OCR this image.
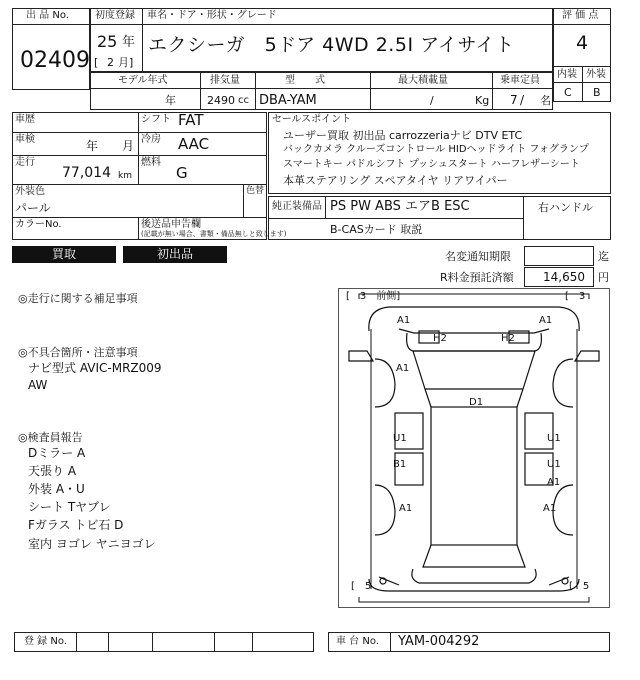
出 品 No.
02409
初度登録 車名・ドア・形状・グレード
25 年
[ 2 月]
エクシーガ　5ドア 4WD 2.5I アイサイト
評 価 点
4
内装 外装
C B
モデル年式	排気量	型　　式	最大積載量	乗車定員
年	2490 cc DBA-YAM	/	Kg 7 / 名
車歴
車検	年 月
走行
77,014 km
シフト FAT
冷房 AAC
燃料
G
外装色
パール
色替
カラーNo.	後送品申告欄
(記載が無い場合、書類・備品無しと致します)
セールスポイント
ユーザー買取 初出品 carrozzeriaナビ DTV ETC
バックカメラ クルーズコントロール HIDヘッドライト フォグランプ
スマートキー パドルシフト プッシュスタート ハーフレザーシート
本革ステアリング スペアタイヤ リアワイパー
純正装備品 PS PW ABS エアB ESC	右ハンドル
B-CASカード 取説
買取	初出品	名変通知期限	迄
R料金預託済額 14,650 円
◎走行に関する補足事項
◎不具合箇所・注意事項
ナビ型式 AVIC-MRZ009
AW
◎検査員報告
Dミラー A
天張り A
外装 A・U
シート Tヤブレ
Fガラス トビ石 D
室内 ヨゴレ ヤニヨゴレ
[　3　前側]	[　3　
[　5　	[　5　
A1	A1
H2	H2
A1
D1
U1	U1
B1	U1
A1
A1	A1
登 録 No.	車 台 No. YAM-004292
